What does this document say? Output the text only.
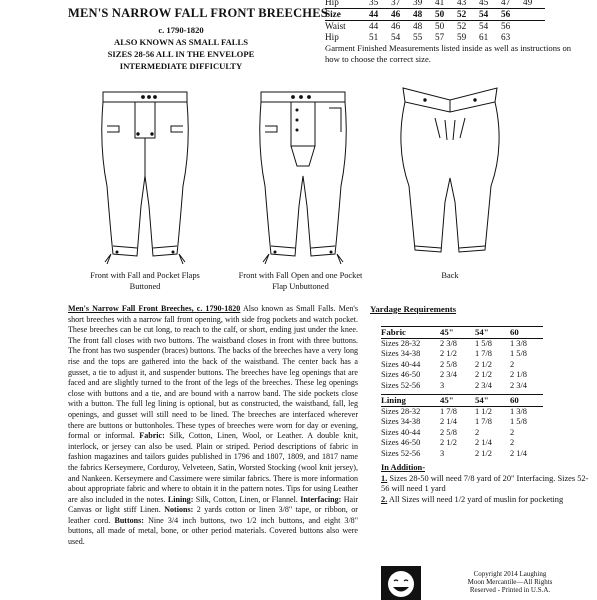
MEN'S NARROW FALL FRONT BREECHES
c. 1790-1820
ALSO KNOWN AS SMALL FALLS
SIZES 28-56 ALL IN THE ENVELOPE
INTERMEDIATE DIFFICULTY
Hip	35	37	39	41	43	45	47	49
Size	44	46	48	50	52	54	56	
Waist	44	46	48	50	52	54	56	
Hip	51	54	55	57	59	61	63	
Garment Finished Measurements listed inside as well as instructions on how to choose the correct size.
Front with Fall and Pocket Flaps Buttoned
Front with Fall Open and one Pocket Flap Unbuttoned
Back
Men's Narrow Fall Front Breeches, c. 1790-1820 Also known as Small Falls. Men's short breeches with a narrow fall front opening, with side frog pockets and watch pocket. These breeches can be cut long, to reach to the calf, or short, ending just under the knee. The front fall closes with two buttons. The waistband closes in front with three buttons. The front has two suspender (braces) buttons. The backs of the breeches have a very long rise and the tops are gathered into the back of the waistband. The center back has a gusset, a tie to adjust it, and suspender buttons. The breeches have leg openings that are faced and are slightly turned to the front of the legs of the breeches. These leg openings close with buttons and a tie, and are bound with a narrow band. The side pockets close with a button. The full leg lining is optional, but as constructed, the waistband, fall, leg openings, and gusset will still need to be lined. The breeches are interfaced wherever there are buttons or buttonholes. These types of breeches were worn for day or evening, formal or informal. Fabric: Silk, Cotton, Linen, Wool, or Leather. A double knit, interlock, or jersey can also be used. Plain or striped. Period descriptions of fabric in fashion magazines and tailors guides published in 1796 and 1807, 1809, and 1817 name the fabrics Kerseymere, Corduroy, Velveteen, Satin, Worsted Stocking (wool knit jersey), and Nankeen. Kerseymere and Cassimere were similar fabrics. There is more information about appropriate fabric and where to obtain it in the pattern notes. Tips for using Leather are also included in the notes. Lining: Silk, Cotton, Linen, or Flannel. Interfacing: Hair Canvas or light stiff Linen. Notions: 2 yards cotton or linen 3/8" tape, or ribbon, or leather cord. Buttons: Nine 3/4 inch buttons, two 1/2 inch buttons, and eight 3/8" buttons, all made of metal, bone, or other period materials. Covered buttons also were used.
Yardage Requirements
Fabric	45"	54"	60
Sizes 28-32	2 3/8	1 5/8	1 3/8
Sizes 34-38	2 1/2	1 7/8	1 5/8
Sizes 40-44	2 5/8	2 1/2	2
Sizes 46-50	2 3/4	2 1/2	2 1/8
Sizes 52-56	3	2 3/4	2 3/4
Lining	45"	54"	60
Sizes 28-32	1 7/8	1 1/2	1 3/8
Sizes 34-38	2 1/4	1 7/8	1 5/8
Sizes 40-44	2 5/8	2	2
Sizes 46-50	2 1/2	2 1/4	2
Sizes 52-56	3	2 1/2	2 1/4
In Addition-
1. Sizes 28-50 will need 7/8 yard of 20" Interfacing. Sizes 52-56 will need 1 yard
2. All Sizes will need 1/2 yard of muslin for pocketing
Copyright 2014 Laughing
Moon Mercantile—All Rights
Reserved - Printed in U.S.A.
